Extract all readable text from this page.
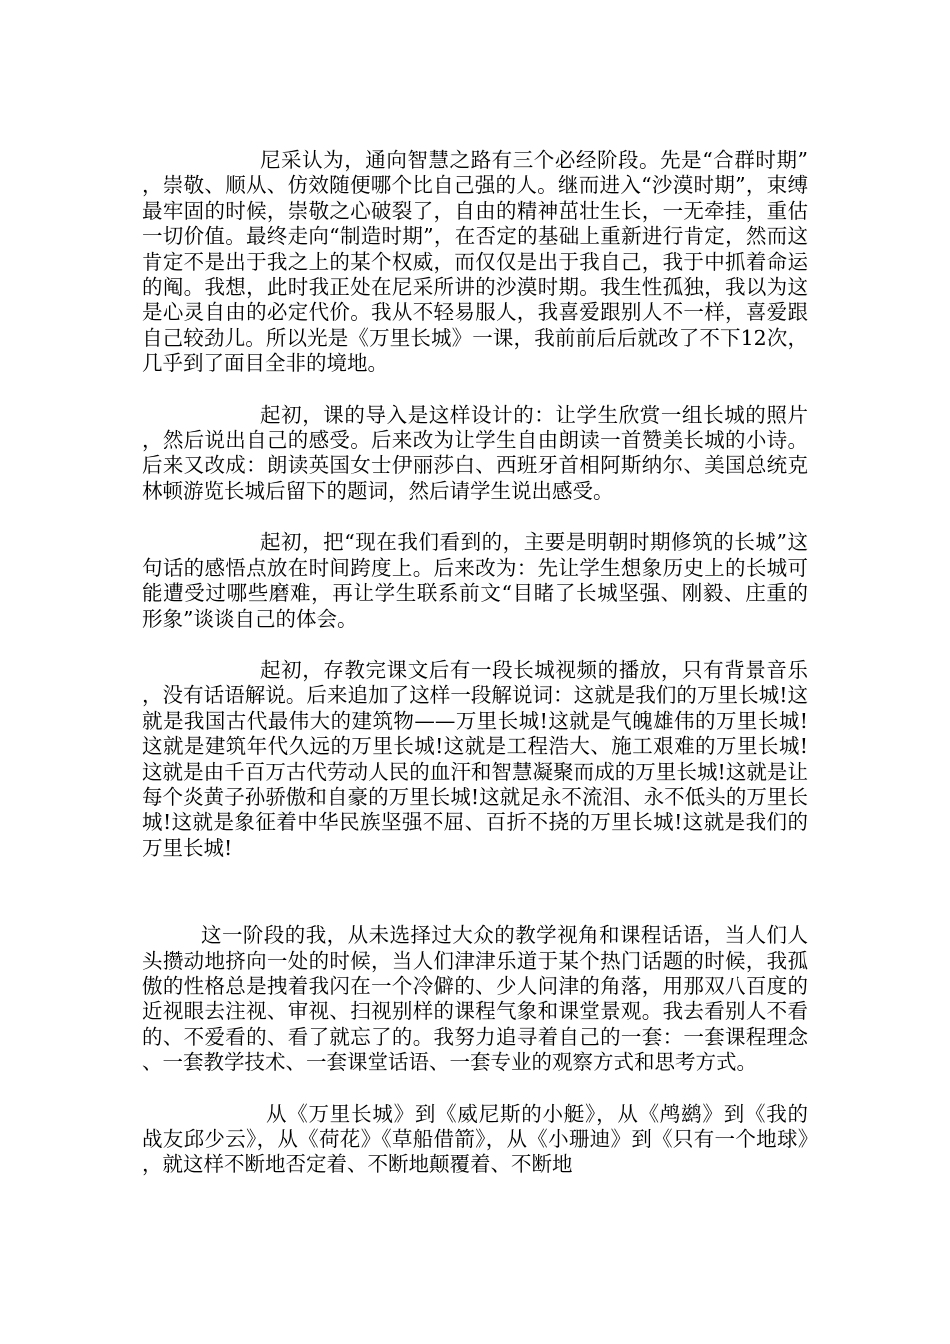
尼采认为，通向智慧之路有三个必经阶段。先是“合群时期”，崇敬、顺从、仿效随便哪个比自己强的人。继而进入“沙漠时期”，束缚最牢固的时候，崇敬之心破裂了，自由的精神茁壮生长，一无牵挂，重估一切价值。最终走向“制造时期”，在否定的基础上重新进行肯定，然而这肯定不是出于我之上的某个权威，而仅仅是出于我自己，我于中抓着命运的阄。我想，此时我正处在尼采所讲的沙漠时期。我生性孤独，我以为这是心灵自由的必定代价。我从不轻易服人，我喜爱跟别人不一样，喜爱跟自己较劲儿。所以光是《万里长城》一课，我前前后后就改了不下12次，几乎到了面目全非的境地。

起初，课的导入是这样设计的：让学生欣赏一组长城的照片，然后说出自己的感受。后来改为让学生自由朗读一首赞美长城的小诗。后来又改成：朗读英国女士伊丽莎白、西班牙首相阿斯纳尔、美国总统克林顿游览长城后留下的题词，然后请学生说出感受。

起初，把“现在我们看到的，主要是明朝时期修筑的长城”这句话的感悟点放在时间跨度上。后来改为：先让学生想象历史上的长城可能遭受过哪些磨难，再让学生联系前文“目睹了长城坚强、刚毅、庄重的形象”谈谈自己的体会。

起初，存教完课文后有一段长城视频的播放，只有背景音乐，没有话语解说。后来追加了这样一段解说词：这就是我们的万里长城!这就是我国古代最伟大的建筑物——万里长城!这就是气魄雄伟的万里长城!这就是建筑年代久远的万里长城!这就是工程浩大、施工艰难的万里长城!这就是由千百万古代劳动人民的血汗和智慧凝聚而成的万里长城!这就是让每个炎黄子孙骄傲和自豪的万里长城!这就足永不流泪、永不低头的万里长城!这就是象征着中华民族坚强不屈、百折不挠的万里长城!这就是我们的万里长城!

这一阶段的我，从未选择过大众的教学视角和课程话语，当人们人头攒动地挤向一处的时候，当人们津津乐道于某个热门话题的时候，我孤傲的性格总是拽着我闪在一个冷僻的、少人问津的角落，用那双八百度的近视眼去注视、审视、扫视别样的课程气象和课堂景观。我去看别人不看的、不爱看的、看了就忘了的。我努力追寻着自己的一套：一套课程理念、一套教学技术、一套课堂话语、一套专业的观察方式和思考方式。

从《万里长城》到《威尼斯的小艇》，从《鸬鹚》到《我的战友邱少云》，从《荷花》《草船借箭》，从《小珊迪》到《只有一个地球》，就这样不断地否定着、不断地颠覆着、不断地
